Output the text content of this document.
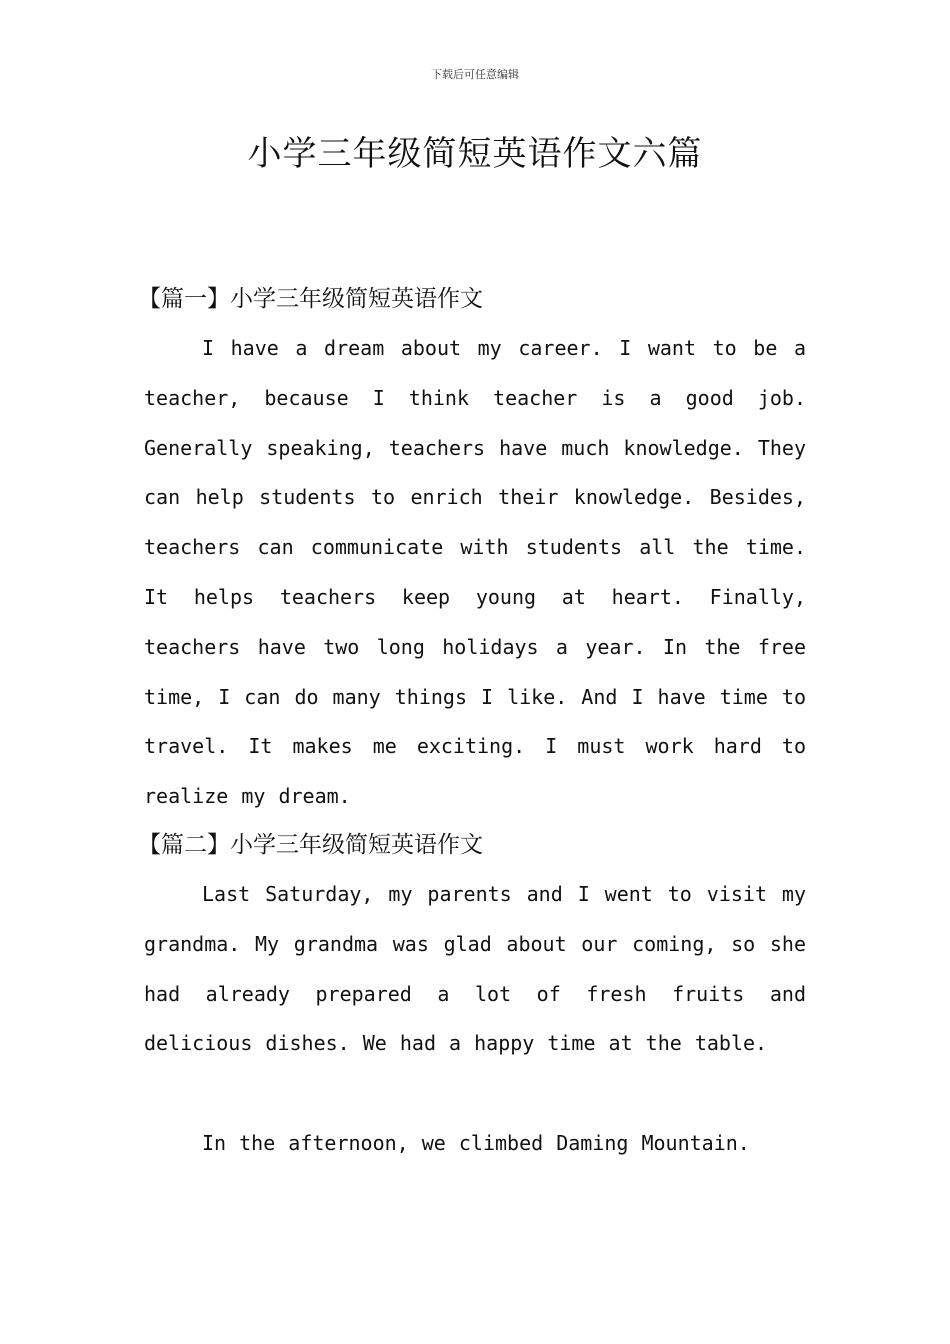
下载后可任意编辑
小学三年级简短英语作文六篇
【篇一】小学三年级简短英语作文

I have a dream about my career. I want to be a teacher, because I think teacher is a good job. Generally speaking, teachers have much knowledge. They can help students to enrich their knowledge. Besides, teachers can communicate with students all the time. It helps teachers keep young at heart. Finally, teachers have two long holidays a year. In the free time, I can do many things I like. And I have time to travel. It makes me exciting. I must work hard to realize my dream.

【篇二】小学三年级简短英语作文

Last Saturday, my parents and I went to visit my grandma. My grandma was glad about our coming, so she had already prepared a lot of fresh fruits and delicious dishes. We had a happy time at the table.

In the afternoon, we climbed Daming Mountain.
